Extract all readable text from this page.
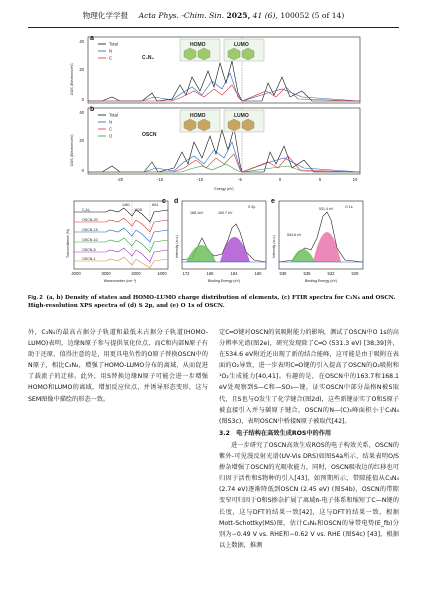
物理化学学报 Acta Phys. -Chim. Sin. 2025, 41 (6), 100052 (5 of 14)
40
20
0
DOS (Electrons/eV)
Total
N
C	C₃N₄
HOMO	LUMO
a
40
20
0
DOS (Electrons/eV)
Total
N
C
O	OSCN
HOMO	LUMO
-20	-15	-10	-5	0	5	10
Energy (eV)
b
Transmittance (%)
1461	804
1628
C₃N₄
OSCN-20
OSCN-15
OSCN-10
OSCN-5
OSCN-1
4000	3000	2000	1000
Wavenumber (cm⁻¹)
c
Intensity (a.u.)
S 2p
168.1eV	163.7 eV
172	168	164	160
Binding Energy (eV)
d
Intensity (a.u.)
O 1s
531.4 eV
534.6 eV
538	535	532	529
Binding Energy (eV)
e
Fig. 2 (a, b) Density of states and HOMO-LUMO charge distribution of elements, (c) FTIR spectra for C₃N₄ and OSCN. High-resolution XPS spectra of (d) S 2p, and (e) O 1s of OSCN.

外，C₃N₄的最高占据分子轨道和最低未占据分子轨道(HOMO-LUMO)表明，边缘N原子参与提供氧化位点，而C和内部N原子有助于还原，值得注意的是，用更具电负性的O原子替换OSCN中的N原子，相比C₃N₄，增强了HOMO-LUMO分布的离域，从而促进了载流子的迁移。此外，用S替换边缘N原子可能会进一步增强HOMO和LUMO的离域，增加反应位点，并诱导形态变形，这与SEM图像中描绘的形态一致。

定C═O键对OSCN的氧吸附能力的影响，测试了OSCN中O 1s的高分辨率光谱(图2e)，研究发现除了C═O (531.3 eV) [38,39]外，在534.6 eV附近还出现了新的结合能峰，这可能是由于吸附在表面的O₂导致，进一步表明C═O键的引入提高了OSCN的O₂吸附和¹O₂生成能力[40,41]。有趣的是，在OSCN中的163.7和168.1 eV处观察到S—C和—SO₃—键，证实OSCN中部分晶格N被S取代，且S也与O发生了化学键合(图2d)，这些新键证实了O和S原子被直接引入并与碳原子键合，OSCN的N—(C)₃峰面积小于C₃N₄ (图S3c)，表明OSCN中桥接N原子被取代[42]。

3.2　电子结构在高效生成ROS中的作用

进一步研究了OSCN高效生成ROS的电子构效关系，OSCN的紫外-可见漫反射光谱(UV-Vis DRS)如图S4a所示，结果表明O/S掺杂增强了OSCN的光吸收能力，同时，OSCN吸收边的红移也可归因于活性和S物种的引入[43]，如预期所示，带隙能值从C₃N₄ (2.74 eV)逐渐降低到OSCN (2.45 eV) (图S4b)，OSCN的带隙变窄可归因于O和S掺杂扩展了离域π-电子体系和缩短了C—N键的长度，这与DFT的结果一致[42]，这与DFT的结果一致，根据Mott-Schottky(MS)图，估计C₃N₄和OSCN的导带电势(E_fb)分别为−0.49 V vs. RHE和−0.62 V vs. RHE (图S4c) [43]，根据以上数据，推测
